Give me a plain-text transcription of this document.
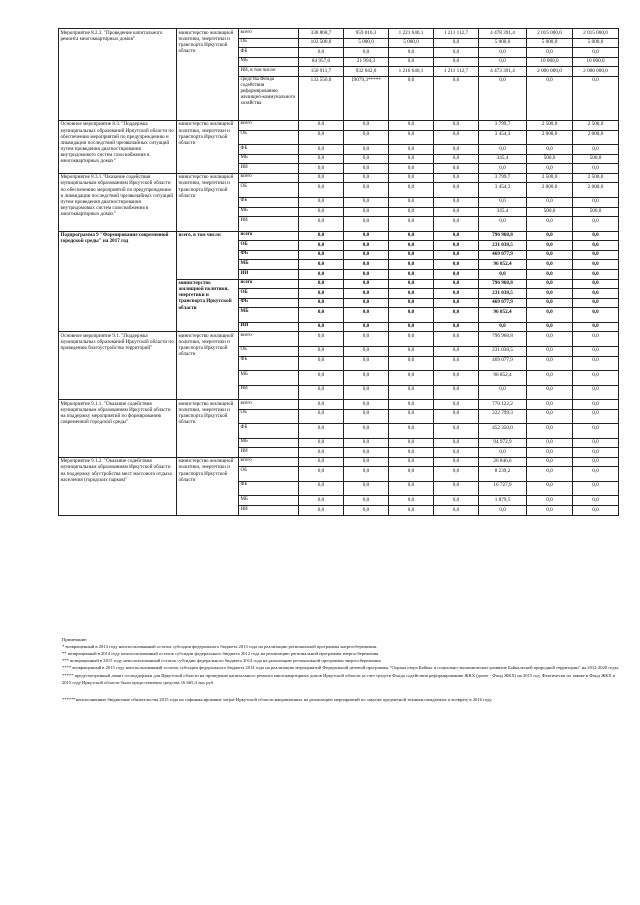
Мероприятие 8.2.3. "Проведение капитального ремонта многоквартирных домов"	министерство жилищной политики, энергетики и транспорта Иркутской области	всего	338 868,7	959 016,3	1 221 640,1	1 211 112,7	4 478 391,4	2 015 000,0	2 015 000,0
		ОБ	102 500,0	5 000,0	5 000,0	0,0	5 000,0	5 000,0	5 000,0
		ФБ	0,0	0,0	0,0	0,0	0,0	0,0	0,0
		МБ	84 957,0	21 994,3	0,0	0,0	0,0	10 000,0	10 000,0
		ИИ, в том числе:	150 911,7	932 042,0	1 216 640,1	1 211 112,7	4 473 391,4	2 000 000,0	2 000 000,0
		средства Фонда содействия реформированию жилищно-коммунального хозяйства	133 556,0	19079,3*****	0,0	0,0	0,0	0,0	0,0
Основное мероприятие 8.3. "Поддержка муниципальных образований Иркутской области по обеспечению мероприятий по предупреждению и ликвидации последствий чрезвычайных ситуаций путем проведения диагностирования внутридомового систем газоснабжения в многоквартирных домах"	министерство жилищной политики, энергетики и транспорта Иркутской области	всего	0,0	0,0	0,0	0,0	3 799,7	2 500,0	2 500,0
		ОБ	0,0	0,0	0,0	0,0	3 454,3	2 000,0	2 000,0
		ФБ	0,0	0,0	0,0	0,0	0,0	0,0	0,0
		МБ	0,0	0,0	0,0	0,0	345,4	500,0	500,0
		ИИ	0,0	0,0	0,0	0,0	0,0	0,0	0,0
Мероприятие 8.3.1."Оказание содействия муниципальным образованиям Иркутской области по обеспечению мероприятий по предупреждению и ликвидации последствий чрезвычайных ситуаций путем проведения диагностирования внутридомовых систем газоснабжения в многоквартирных домах"	министерство жилищной политики, энергетики и транспорта Иркутской области	всего	0,0	0,0	0,0	0,0	3 799,7	2 500,0	2 500,0
		ОБ	0,0	0,0	0,0	0,0	3 454,3	2 000,0	2 000,0
		ФБ	0,0	0,0	0,0	0,0	0,0	0,0	0,0
		МБ	0,0	0,0	0,0	0,0	345,4	500,0	500,0
		ИИ	0,0	0,0	0,0	0,0	0,0	0,0	0,0
Подпрограмма 9 "Формирование современной городской среды" на 2017 год	всего, в том числе:	всего	0,0	0,0	0,0	0,0	796 968,8	0,0	0,0
		ОБ	0,0	0,0	0,0	0,0	231 038,5	0,0	0,0
		ФБ	0,0	0,0	0,0	0,0	469 077,9	0,0	0,0
		МБ	0,0	0,0	0,0	0,0	96 852,4	0,0	0,0
		ИИ	0,0	0,0	0,0	0,0	0,0	0,0	0,0
	министерство жилищной политики, энергетики и транспорта Иркутской области	всего	0,0	0,0	0,0	0,0	796 968,8	0,0	0,0
		ОБ	0,0	0,0	0,0	0,0	231 038,5	0,0	0,0
		ФБ	0,0	0,0	0,0	0,0	469 077,9	0,0	0,0
		МБ	0,0	0,0	0,0	0,0	96 852,4	0,0	0,0
		ИИ	0,0	0,0	0,0	0,0	0,0	0,0	0,0
Основное мероприятие 9.1. "Поддержка муниципальных образований Иркутской области по проведению благоустройства территорий"	министерство жилищной политики, энергетики и транспорта Иркутской области	всего	0,0	0,0	0,0	0,0	796 968,8	0,0	0,0
		ОБ	0,0	0,0	0,0	0,0	231 038,5	0,0	0,0
		ФБ	0,0	0,0	0,0	0,0	469 077,9	0,0	0,0
		МБ	0,0	0,0	0,0	0,0	96 852,4	0,0	0,0
		ИИ	0,0	0,0	0,0	0,0	0,0	0,0	0,0
Мероприятие 9.1.1. "Оказание содействия муниципальным образованиям Иркутской области на поддержку мероприятий по формированию современной городской среды"	министерство жилищной политики, энергетики и транспорта Иркутской области	всего	0,0	0,0	0,0	0,0	770 122,2	0,0	0,0
		ОБ	0,0	0,0	0,0	0,0	222 799,3	0,0	0,0
		ФБ	0,0	0,0	0,0	0,0	452 350,0	0,0	0,0
		МБ	0,0	0,0	0,0	0,0	94 972,9	0,0	0,0
		ИИ	0,0	0,0	0,0	0,0	0,0	0,0	0,0
Мероприятие 9.1.2. "Оказание содействия муниципальным образованиям Иркутской области на поддержку обустройства мест массового отдыха населения (городских парков)"	министерство жилищной политики, энергетики и транспорта Иркутской области	всего	0,0	0,0	0,0	0,0	26 846,6	0,0	0,0
		ОБ	0,0	0,0	0,0	0,0	8 239,2	0,0	0,0
		ФБ	0,0	0,0	0,0	0,0	16 727,9	0,0	0,0
		МБ	0,0	0,0	0,0	0,0	1 879,5	0,0	0,0
		ИИ	0,0	0,0	0,0	0,0	0,0	0,0	0,0

Примечание:

* возвращенный в 2014 году неиспользованный остаток субсидии федерального бюджета 2013 года на реализацию региональной программы энергосбережения.

** возвращенный в 2014 году неиспользованный остаток субсидии федерального бюджета 2012 года на реализацию региональной программы энергосбережения

*** возвращенный в 2015 году неиспользованный остаток субсидии федерального бюджета 2014 года на реализацию региональной программы энергосбережения

**** возвращенный в 2015 году неиспользованный остаток субсидии федерального бюджета 2014 года на реализацию мероприятий Федеральной целевой программы "Охрана озера Байкал и социально-экономическое развитие Байкальской природной территории" на 2012-2020 годы.

***** предусмотренный лимит господдержки для Иркутской области на проведение капитального ремонта многоквартирных домов Иркутской области за счет средств Фонда содействия реформированию ЖКХ (далее - Фонд ЖКХ) на 2015 год. Фактически по заявке в Фонд ЖКХ в 2015 году Иркутской области были предоставлены средства 16 665,4 тыс.руб.

******неисполненные бюджетные обязательства 2015 года на софинансирование затрат Иркутской области,направленных на реализацию мероприятий по закупке предметной техники,ожидаемых к возврату в 2016 году.
